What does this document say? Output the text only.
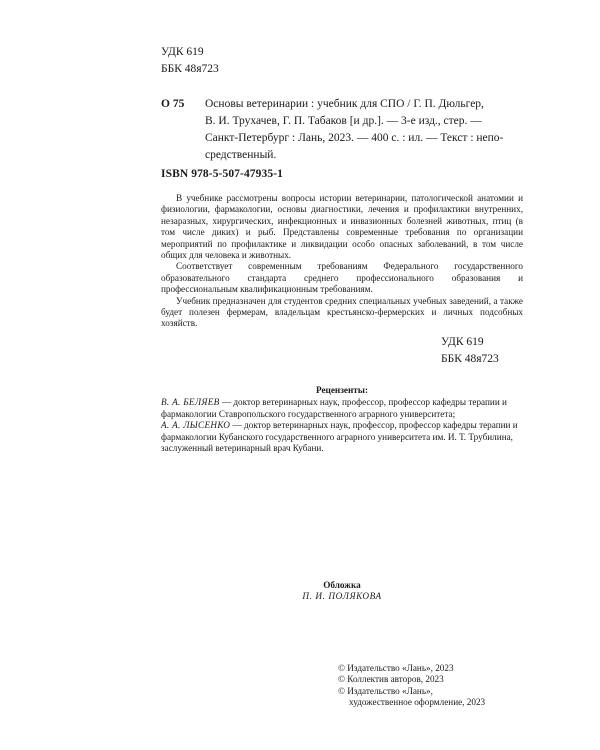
УДК 619
ББК 48я723
О 75 Основы ветеринарии : учебник для СПО / Г. П. Дюльгер,
В. И. Трухачев, Г. П. Табаков [и др.]. — 3-е изд., стер. —
Санкт-Петербург : Лань, 2023. — 400 с. : ил. — Текст : непо-
средственный.
ISBN 978-5-507-47935-1

В учебнике рассмотрены вопросы истории ветеринарии, патологической анатомии и физиологии, фармакологии, основы диагностики, лечения и профилактики внутренних, незаразных, хирургических, инфекционных и инвазионных болезней животных, птиц (в том числе диких) и рыб. Представлены современные требования по организации мероприятий по профилактике и ликвидации особо опасных заболеваний, в том числе общих для человека и животных.

Соответствует современным требованиям Федерального государственного образовательного стандарта среднего профессионального образования и профессиональным квалификационным требованиям.

Учебник предназначен для студентов средних специальных учебных заведений, а также будет полезен фермерам, владельцам крестьянско-фермерских и личных подсобных хозяйств.

УДК 619
ББК 48я723
Рецензенты:

В. А. БЕЛЯЕВ — доктор ветеринарных наук, профессор, профессор кафедры терапии и фармакологии Ставропольского государственного аграрного университета;

А. А. ЛЫСЕНКО — доктор ветеринарных наук, профессор, профессор кафедры терапии и фармакологии Кубанского государственного аграрного университета им. И. Т. Трубилина, заслуженный ветеринарный врач Кубани.

Обложка
П. И. ПОЛЯКОВА
© Издательство «Лань», 2023
© Коллектив авторов, 2023
© Издательство «Лань»,
художественное оформление, 2023
